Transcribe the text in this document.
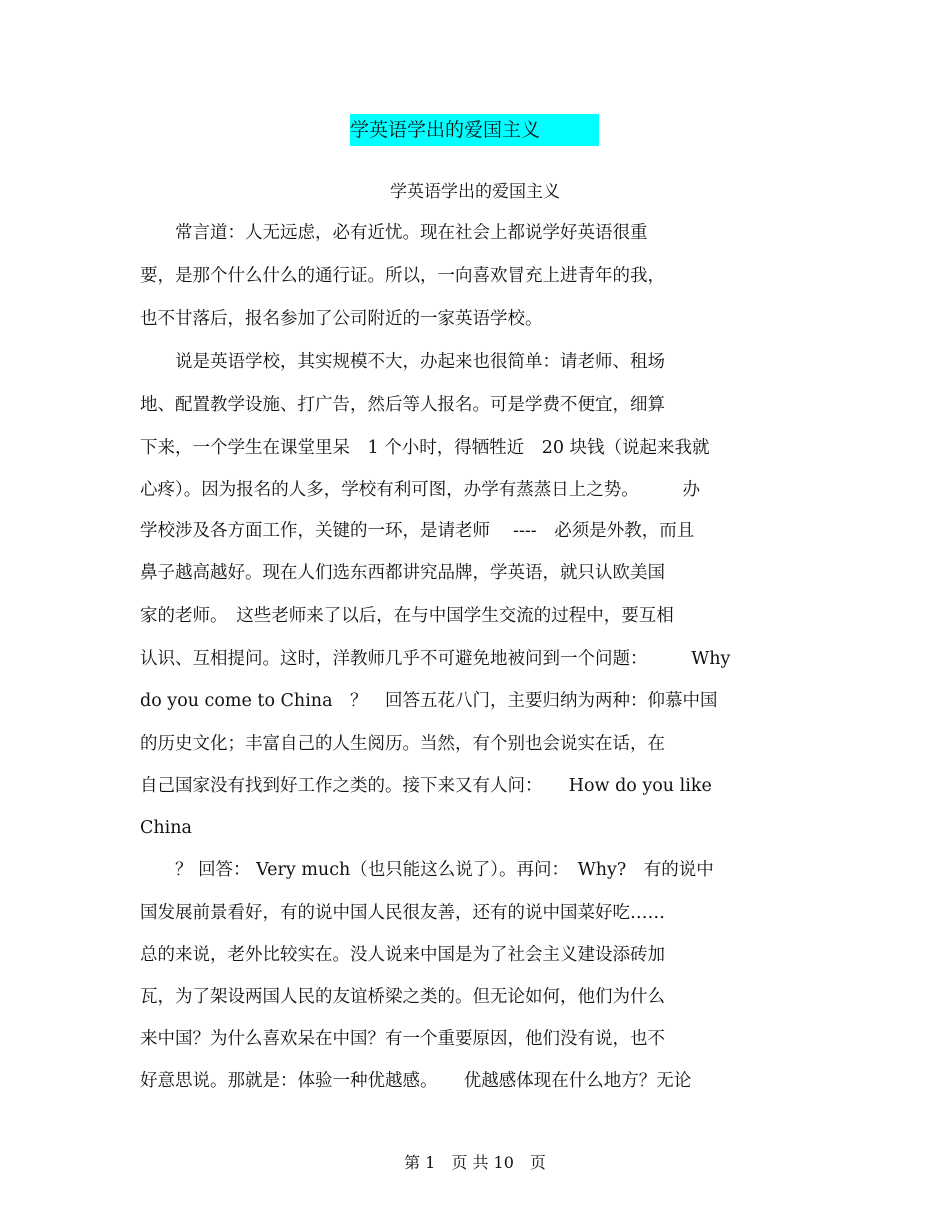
学英语学出的爱国主义
学英语学出的爱国主义
　　常言道：人无远虑，必有近忧。现在社会上都说学好英语很重
要，是那个什么什么的通行证。所以，一向喜欢冒充上进青年的我，
也不甘落后，报名参加了公司附近的一家英语学校。
　　说是英语学校，其实规模不大，办起来也很简单：请老师、租场
地、配置教学设施、打广告，然后等人报名。可是学费不便宜，细算
下来，一个学生在课堂里呆　1 个小时，得牺牲近　20 块钱（说起来我就
心疼）。因为报名的人多，学校有利可图，办学有蒸蒸日上之势。　　　办
学校涉及各方面工作，关键的一环，是请老师　 ----　必须是外教，而且
鼻子越高越好。现在人们选东西都讲究品牌，学英语，就只认欧美国
家的老师。　这些老师来了以后，在与中国学生交流的过程中，要互相
认识、互相提问。这时，洋教师几乎不可避免地被问到一个问题：　　　Why
do you come to China　？　回答五花八门，主要归纳为两种：仰慕中国
的历史文化；丰富自己的人生阅历。当然，有个别也会说实在话，在
自己国家没有找到好工作之类的。接下来又有人问：　　How do you like
China
　　？ 回答： Very much（也只能这么说了）。再问：　Why?　有的说中
国发展前景看好，有的说中国人民很友善，还有的说中国菜好吃……
总的来说，老外比较实在。没人说来中国是为了社会主义建设添砖加
瓦，为了架设两国人民的友谊桥梁之类的。但无论如何，他们为什么
来中国？为什么喜欢呆在中国？有一个重要原因，他们没有说，也不
好意思说。那就是：体验一种优越感。　　优越感体现在什么地方？无论
第 1　页 共 10　页
